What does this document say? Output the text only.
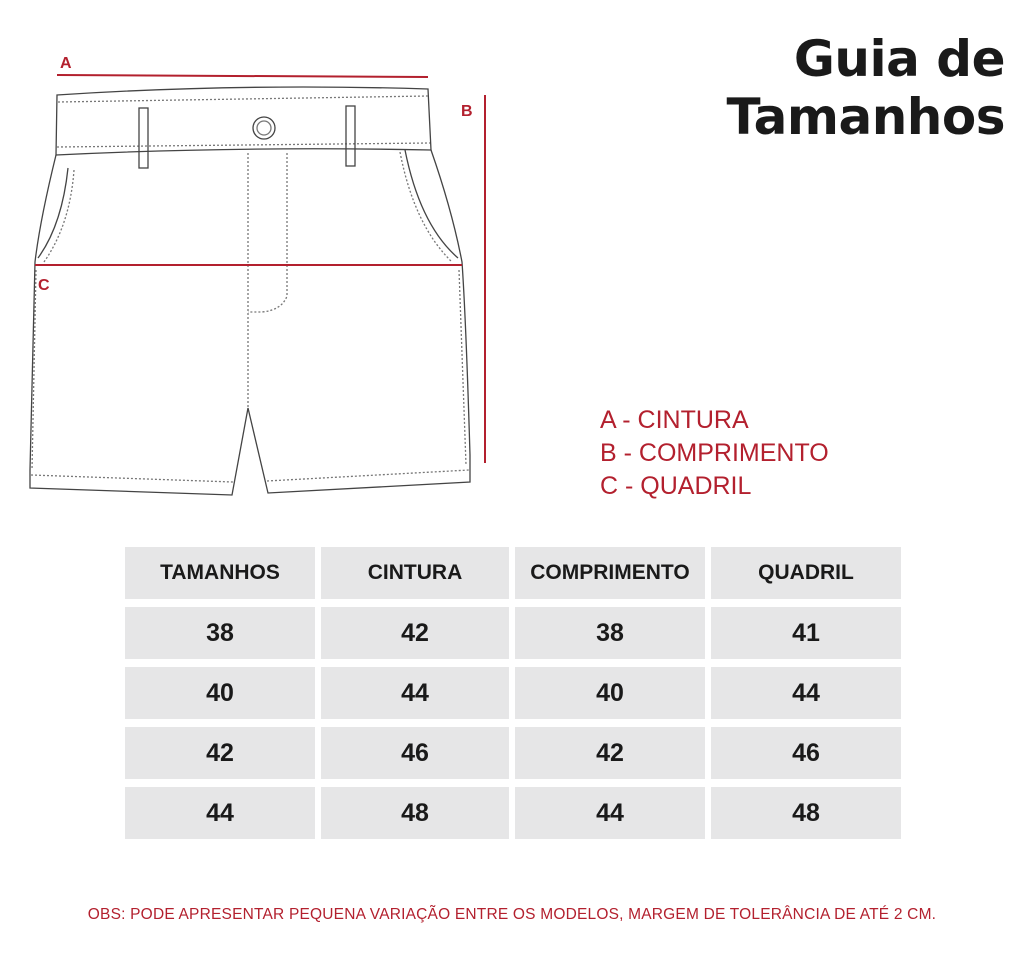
Guia de Tamanhos
A
B
C
A - CINTURA
B - COMPRIMENTO
C - QUADRIL
TAMANHOS	CINTURA	COMPRIMENTO	QUADRIL
38	42	38	41
40	44	40	44
42	46	42	46
44	48	44	48
OBS: PODE APRESENTAR PEQUENA VARIAÇÃO ENTRE OS MODELOS, MARGEM DE TOLERÂNCIA DE ATÉ 2 CM.
